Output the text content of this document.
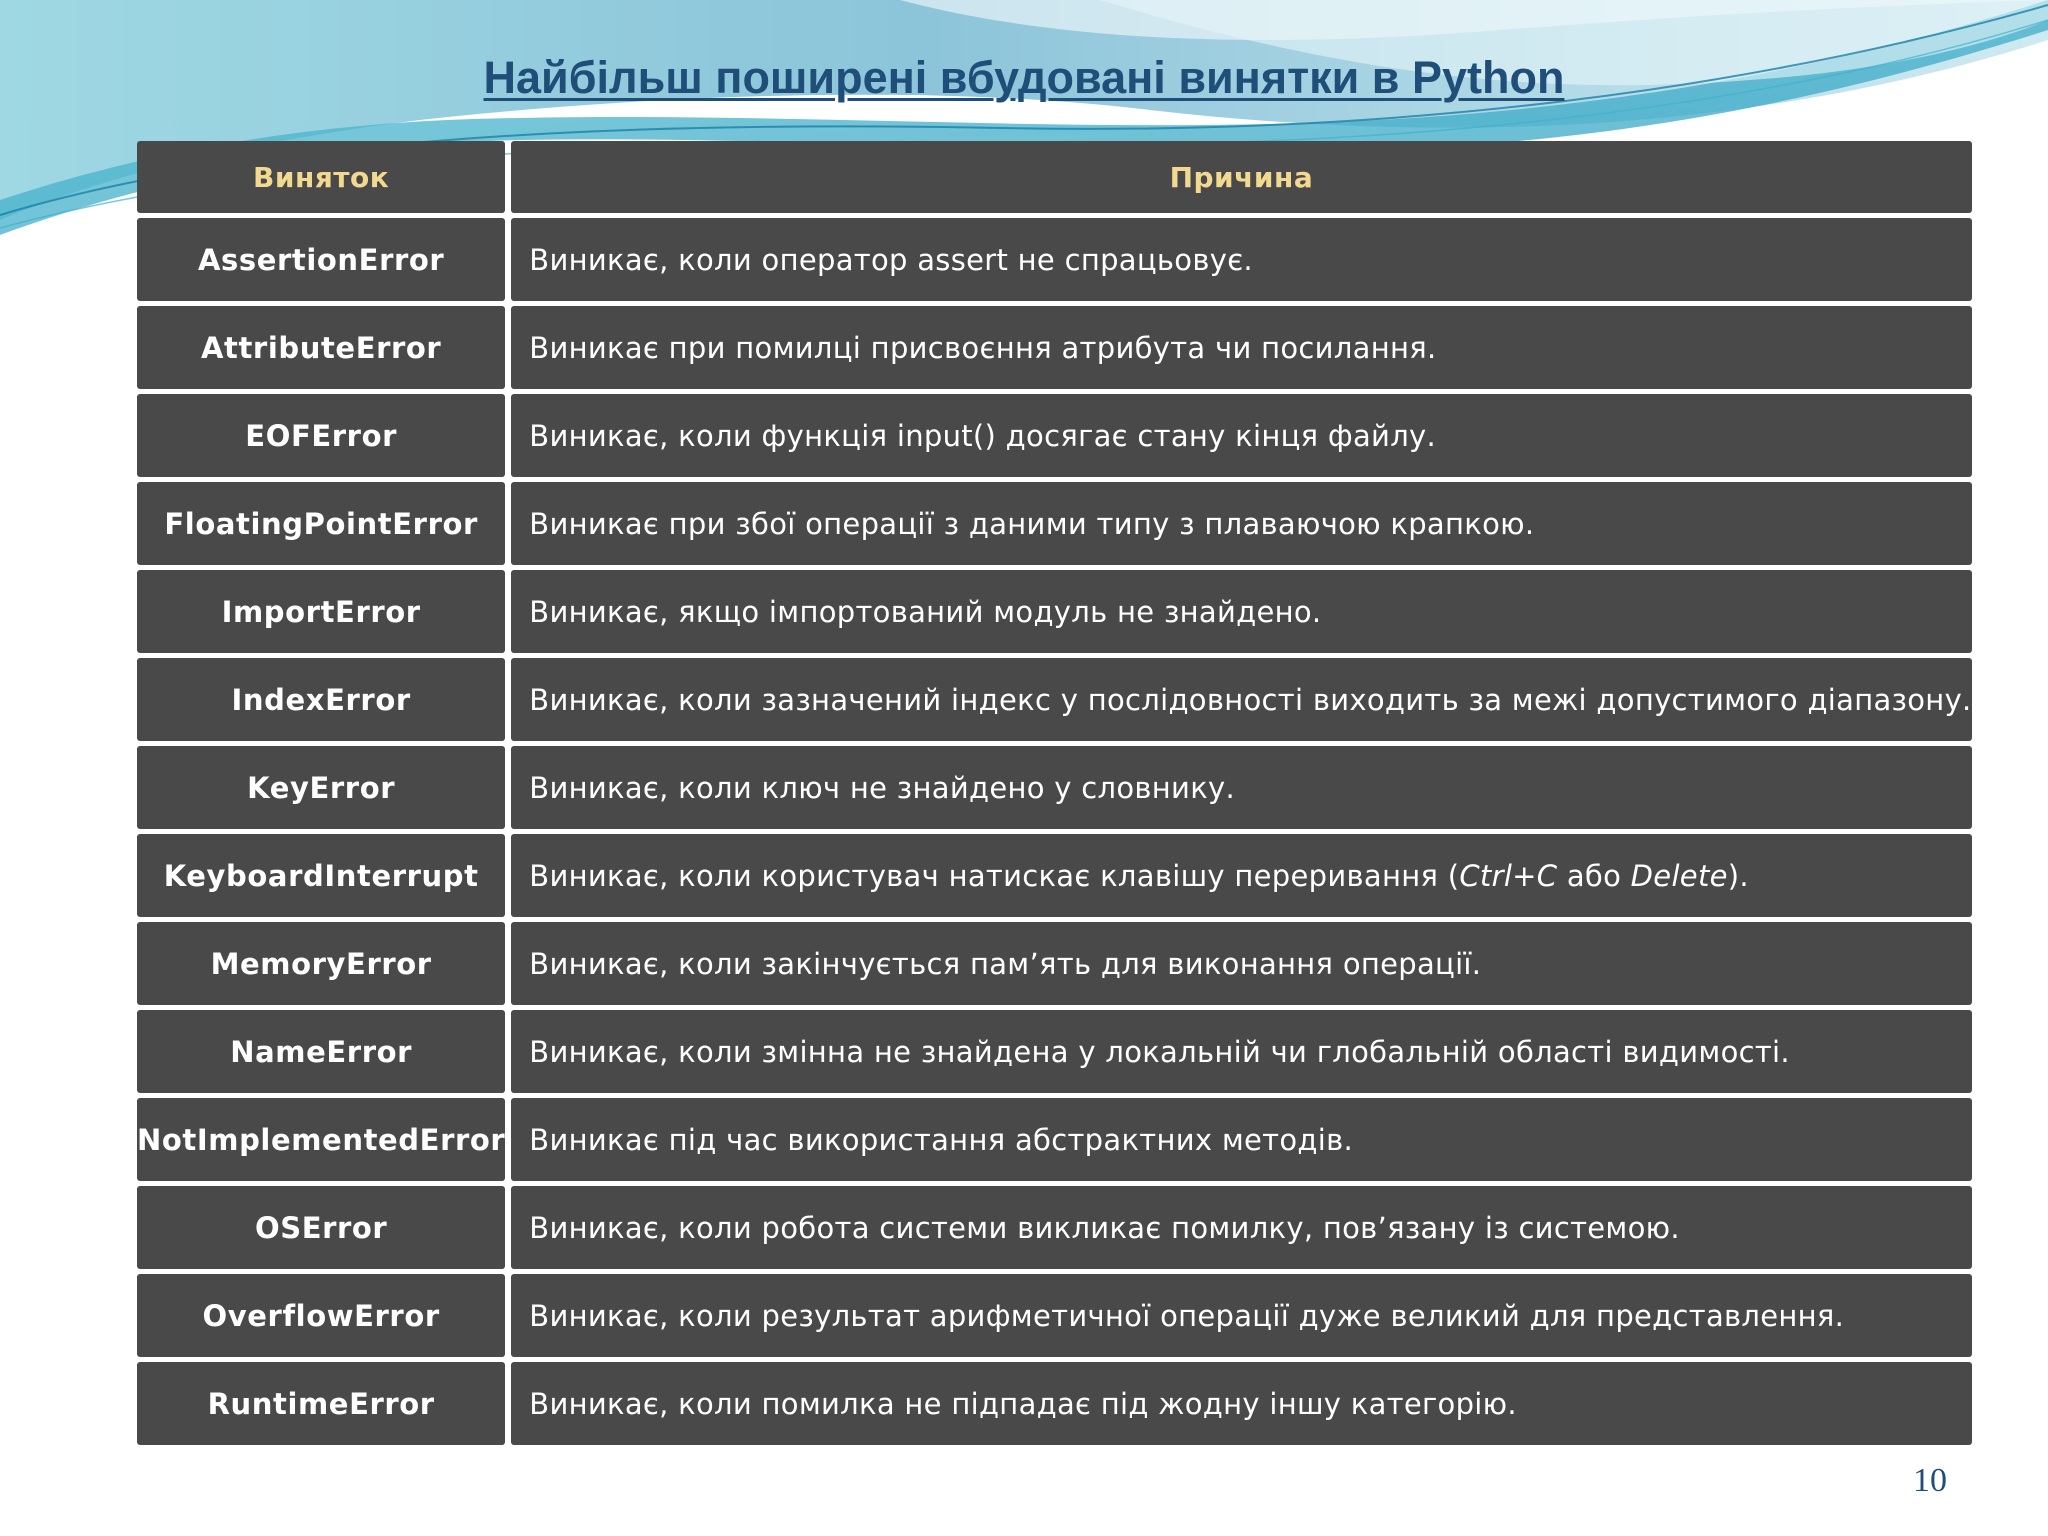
Найбільш поширені вбудовані винятки в Python
Виняток	Причина
AssertionError	Виникає, коли оператор assert не спрацьовує.
AttributeError	Виникає при помилці присвоєння атрибута чи посилання.
EOFError	Виникає, коли функція input() досягає стану кінця файлу.
FloatingPointError	Виникає при збої операції з даними типу з плаваючою крапкою.
ImportError	Виникає, якщо імпортований модуль не знайдено.
IndexError	Виникає, коли зазначений індекс у послідовності виходить за межі допустимого діапазону.
KeyError	Виникає, коли ключ не знайдено у словнику.
KeyboardInterrupt	Виникає, коли користувач натискає клавішу переривання (Ctrl+C або Delete).
MemoryError	Виникає, коли закінчується пам’ять для виконання операції.
NameError	Виникає, коли змінна не знайдена у локальній чи глобальній області видимості.
NotImplementedError	Виникає під час використання абстрактних методів.
OSError	Виникає, коли робота системи викликає помилку, пов’язану із системою.
OverflowError	Виникає, коли результат арифметичної операції дуже великий для представлення.
RuntimeError	Виникає, коли помилка не підпадає під жодну іншу категорію.
10
